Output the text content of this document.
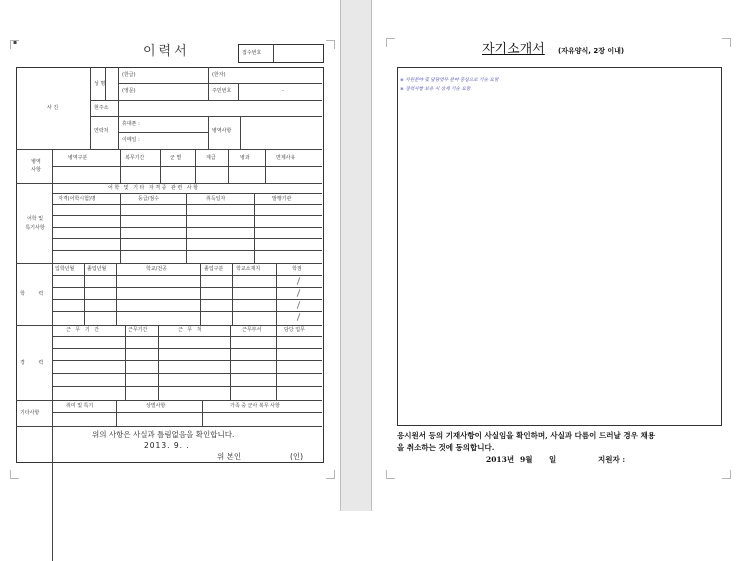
▪
이력서	접수번호
사 진
성 명
(한글)	(한자)
(영문)	주민번호	-
현주소
연락처
휴대폰 :
이메일 :
병역사항
병역
사항
병역구분	복무기간	군 별	계급	병과	면제사유
어학 및 기타 자격증 관련 사항
어학 및
특기사항
자격(어학시험)명	등급/점수	취득일자	발행기관
학 력
입학년월	졸업년월	학교/전공	졸업구분	학교소재지	학점
경 력
근 무 기 간	근무기간	근 무 처	근무부서	담당 업무
기타사항
취미 및 특기	상벌사항	가족 중 군사 복무 사항
위의 사항은 사실과 틀림없음을 확인합니다.
2013. 9. .
위 본인	(인)
자기소개서 (자유양식, 2장 이내)
※ 지원분야 및 담당업무 분야 중심으로 기술 요망
※ 경력사항 보유 시 상세 기술 요망
응시원서 등의 기재사항이 사실임을 확인하며, 사실과 다름이 드러날 경우 채용
을 취소하는 것에 동의합니다.
2013년 9월 일	지원자 :
